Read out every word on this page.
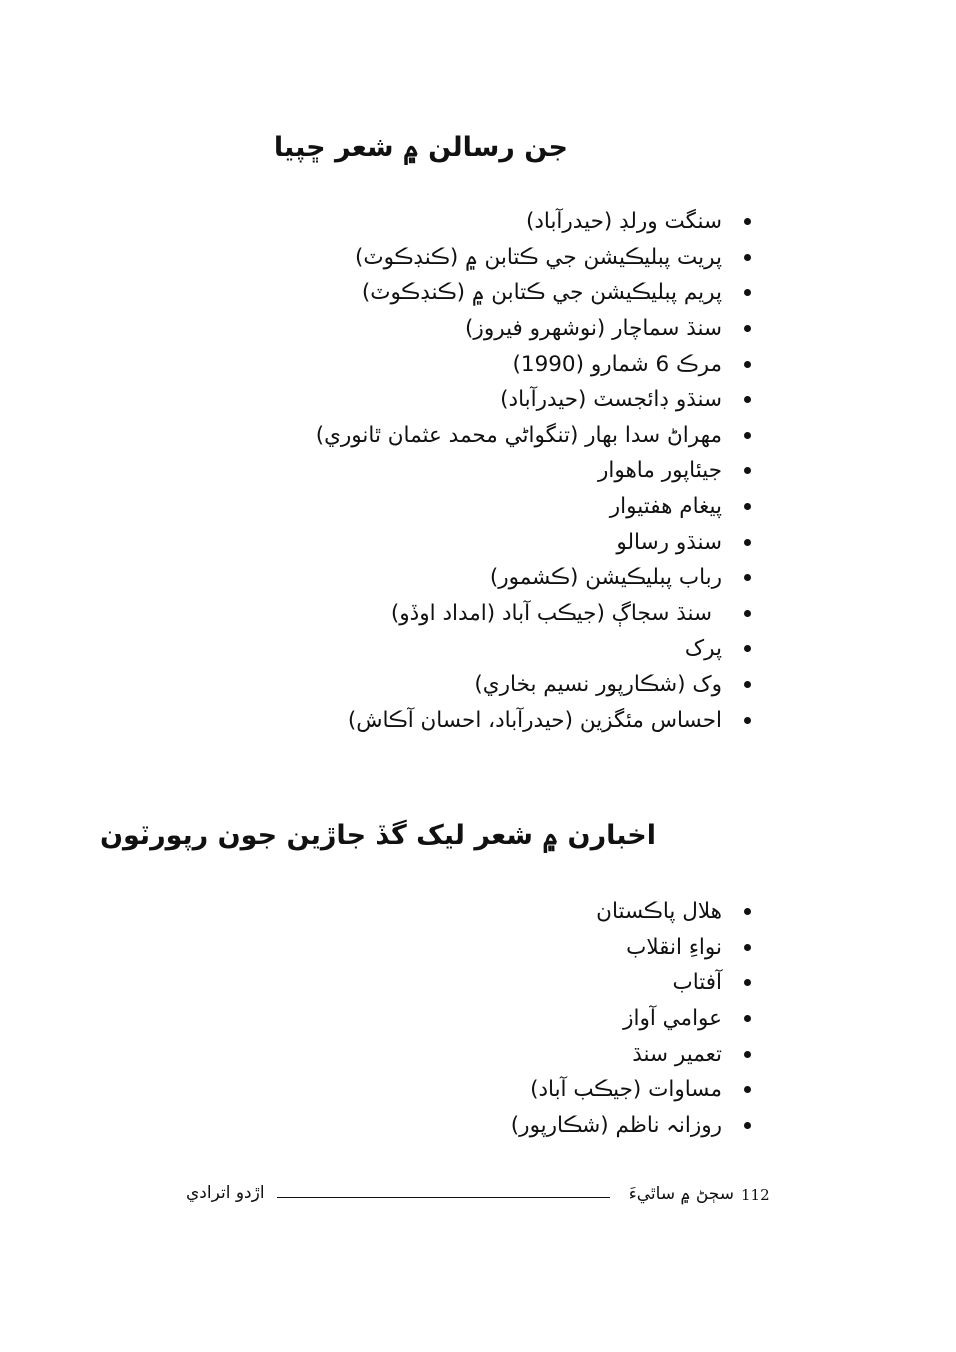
جن رسالن ۾ شعر ڇپيا
سنگت ورلڊ (حيدرآباد)
پريت پبليڪيشن جي ڪتابن ۾ (ڪنڊڪوٽ)
پريم پبليڪيشن جي ڪتابن ۾ (ڪنڊڪوٽ)
سنڌ سماچار (نوشهرو فيروز)
مرڪ 6 شمارو (1990)
سنڌو ڊائجسٽ (حيدرآباد)
مهراڻ سدا بهار (تنگواڻي محمد عثمان ٿانوري)
جيئاپور ماهوار
پيغام هفتيوار
سنڌو رسالو
رباب پبليڪيشن (ڪشمور)
سنڌ سجاڳ (جيڪب آباد (امداد اوڏو)
پرک
وک (شڪارپور نسيم بخاري)
احساس مئگزين (حيدرآباد، احسان آڪاش)
اخبارن ۾ شعر ليک گڏ جاڙين جون رپورٽون
هلال پاڪستان
نواءِ انقلاب
آفتاب
عوامي آواز
تعمير سنڌ
مساوات (جيڪب آباد)
روزانہ ناظم (شڪارپور)
اڙدو اترادي	سڄڻ ۾ ساٿيءَ 112
